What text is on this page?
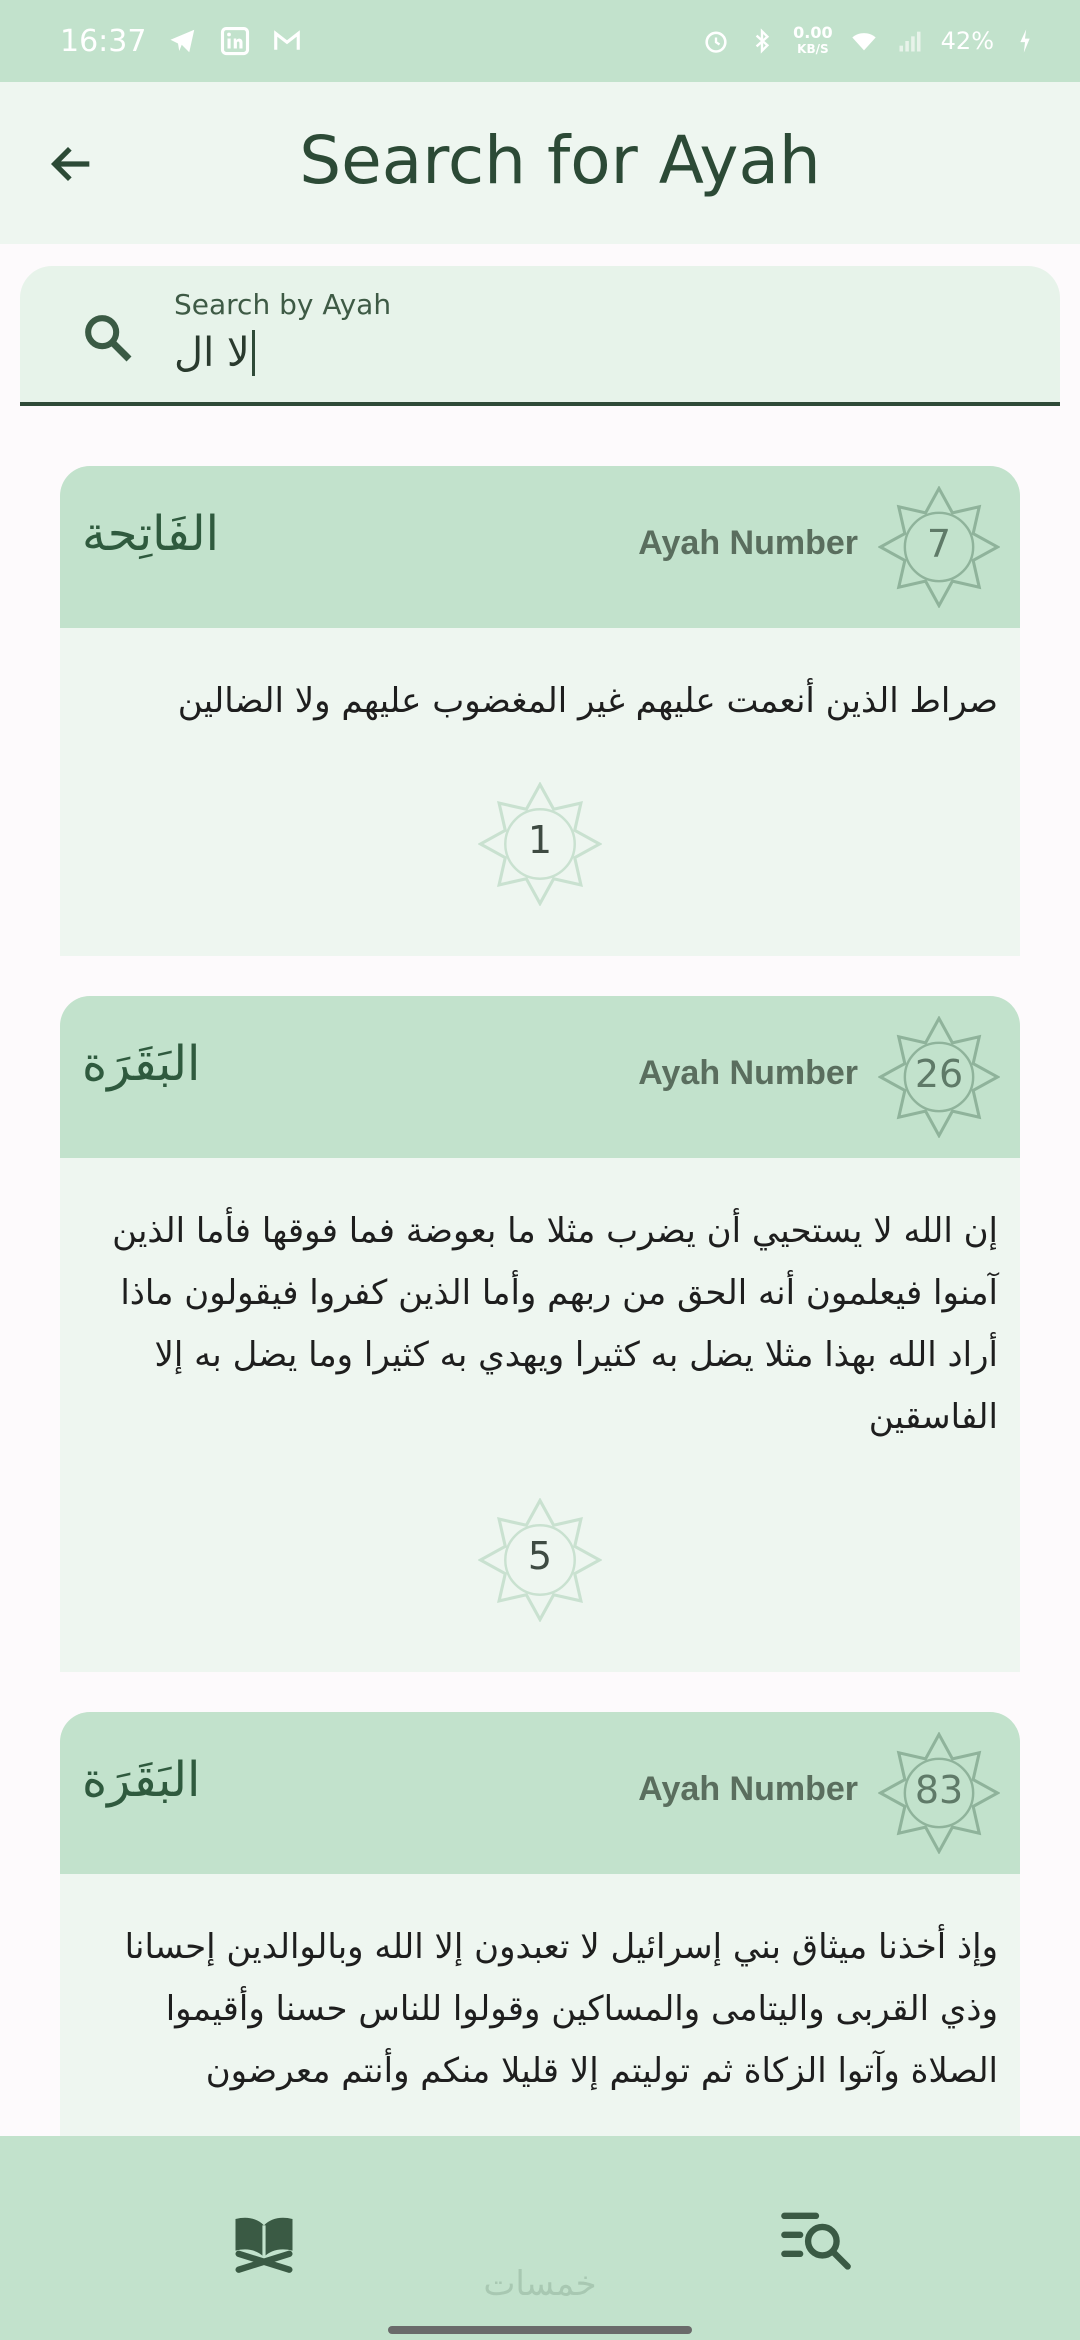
16:37	0.00
KB/S	42%
Search for Ayah
Search by Ayah
لا ال
الفَاتِحة	Ayah Number	7
صراط الذين أنعمت عليهم غير المغضوب عليهم ولا الضالين
1
البَقَرَة	Ayah Number	26
إن الله لا يستحيي أن يضرب مثلا ما بعوضة فما فوقها فأما الذين آمنوا فيعلمون أنه الحق من ربهم وأما الذين كفروا فيقولون ماذا أراد الله بهذا مثلا يضل به كثيرا ويهدي به كثيرا وما يضل به إلا الفاسقين
5
البَقَرَة	Ayah Number	83
وإذ أخذنا ميثاق بني إسرائيل لا تعبدون إلا الله وبالوالدين إحسانا وذي القربى واليتامى والمساكين وقولوا للناس حسنا وأقيموا الصلاة وآتوا الزكاة ثم توليتم إلا قليلا منكم وأنتم معرضون
خمسات
